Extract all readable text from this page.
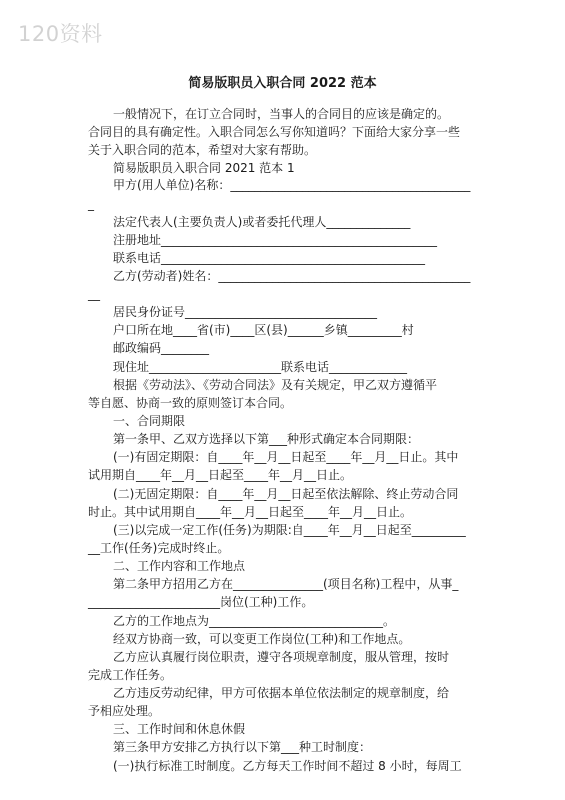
120资料
简易版职员入职合同 2022 范本
一般情况下，在订立合同时，当事人的合同目的应该是确定的。
合同目的具有确定性。入职合同怎么写你知道吗？下面给大家分享一些
关于入职合同的范本，希望对大家有帮助。
简易版职员入职合同 2021 范本 1
甲方(用人单位)名称：________________________________________
_
法定代表人(主要负责人)或者委托代理人______________
注册地址______________________________________________
联系电话____________________________________________
乙方(劳动者)姓名：__________________________________________
__
居民身份证号________________________________
户口所在地____省(市)____区(县)______乡镇_________村
邮政编码________
现住址______________________联系电话_____________
根据《劳动法》、《劳动合同法》及有关规定，甲乙双方遵循平
等自愿、协商一致的原则签订本合同。
一、合同期限
第一条甲、乙双方选择以下第___种形式确定本合同期限：
(一)有固定期限：自____年__月__日起至____年__月__日止。其中
试用期自____年__月__日起至____年__月__日止。
(二)无固定期限：自____年__月__日起至依法解除、终止劳动合同
时止。其中试用期自____年__月__日起至____年__月__日止。
(三)以完成一定工作(任务)为期限:自____年__月__日起至_________
__工作(任务)完成时终止。
二、工作内容和工作地点
第二条甲方招用乙方在_______________(项目名称)工程中，从事_
______________________岗位(工种)工作。
乙方的工作地点为_____________________________。
经双方协商一致，可以变更工作岗位(工种)和工作地点。
乙方应认真履行岗位职责，遵守各项规章制度，服从管理，按时
完成工作任务。
乙方违反劳动纪律，甲方可依据本单位依法制定的规章制度，给
予相应处理。
三、工作时间和休息休假
第三条甲方安排乙方执行以下第___种工时制度：
(一)执行标准工时制度。乙方每天工作时间不超过 8 小时，每周工
